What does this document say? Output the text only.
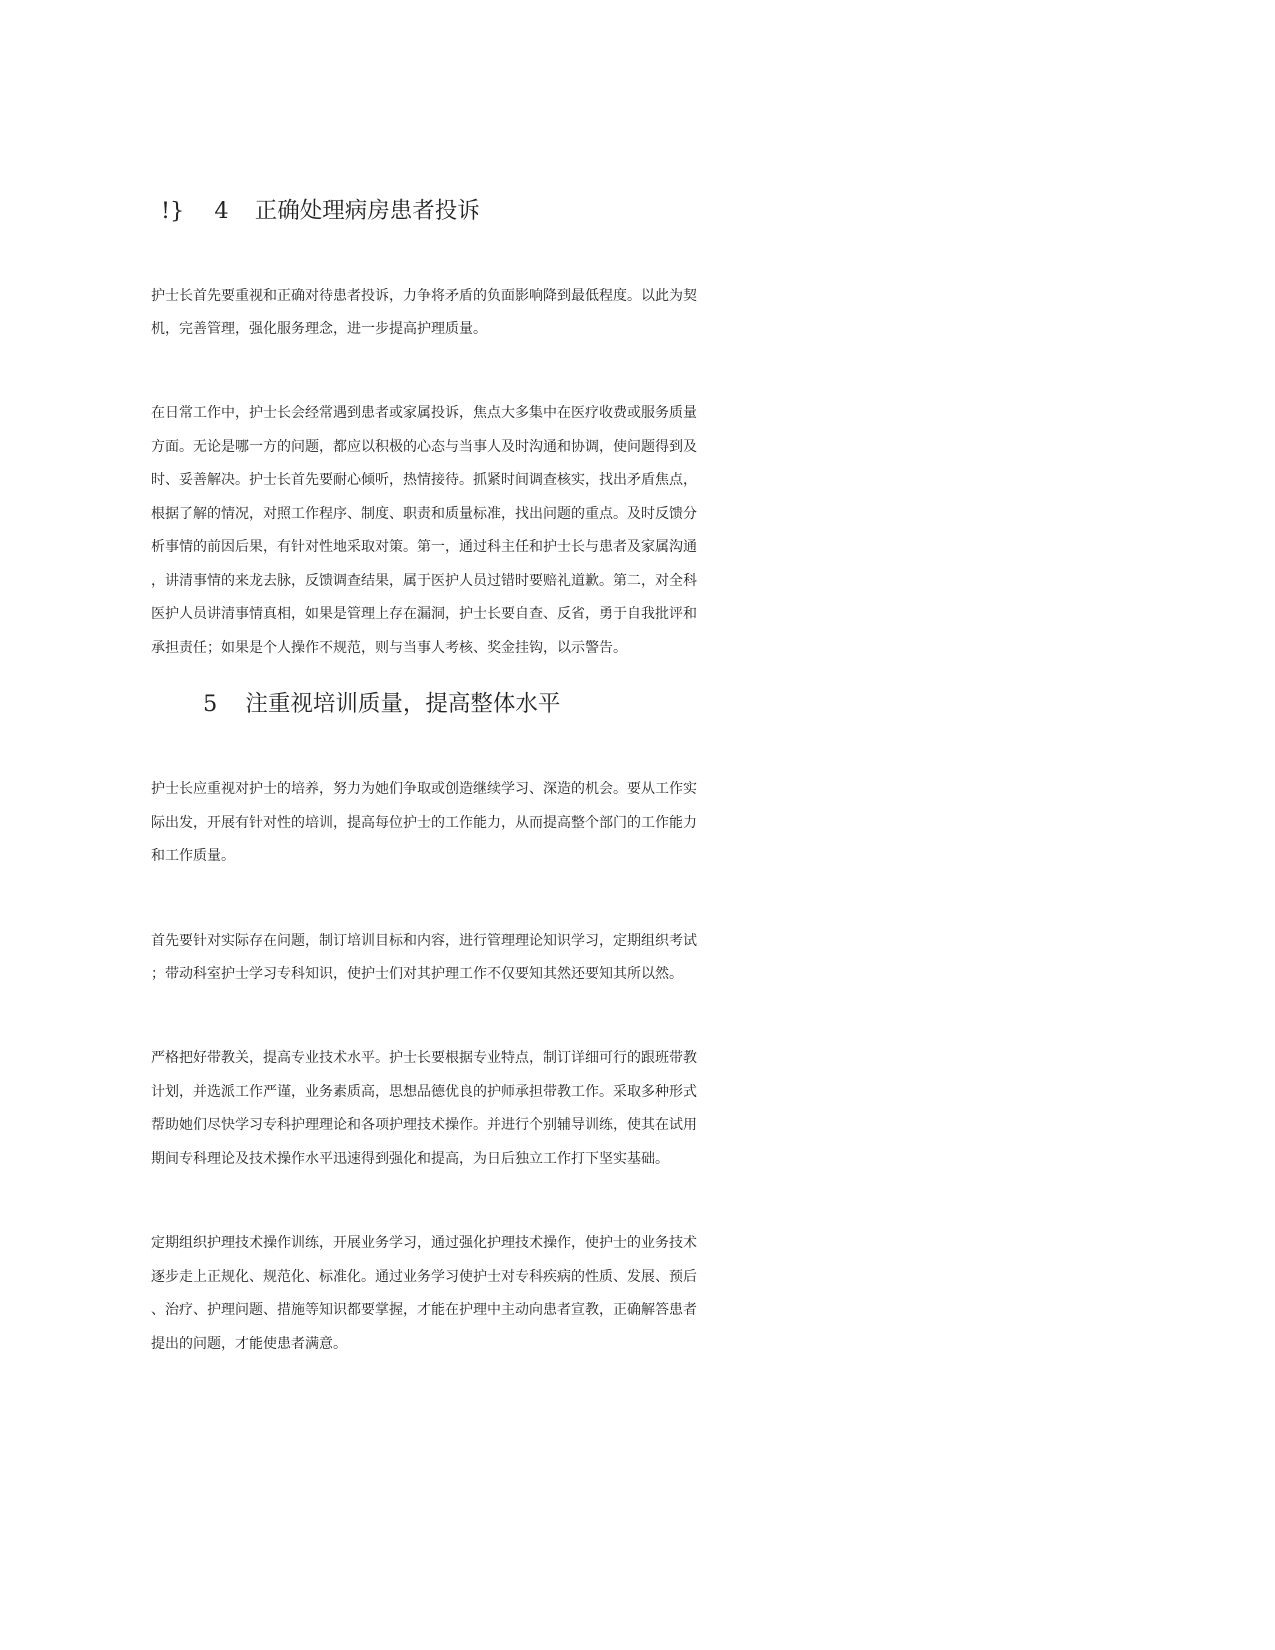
!} 4 正确处理病房患者投诉
护士长首先要重视和正确对待患者投诉，力争将矛盾的负面影响降到最低程度。以此为契
机，完善管理，强化服务理念，进一步提高护理质量。
在日常工作中，护士长会经常遇到患者或家属投诉，焦点大多集中在医疗收费或服务质量
方面。无论是哪一方的问题，都应以积极的心态与当事人及时沟通和协调，使问题得到及
时、妥善解决。护士长首先要耐心倾听，热情接待。抓紧时间调查核实，找出矛盾焦点，
根据了解的情况，对照工作程序、制度、职责和质量标准，找出问题的重点。及时反馈分
析事情的前因后果，有针对性地采取对策。第一，通过科主任和护士长与患者及家属沟通
，讲清事情的来龙去脉，反馈调查结果，属于医护人员过错时要赔礼道歉。第二，对全科
医护人员讲清事情真相，如果是管理上存在漏洞，护士长要自查、反省，勇于自我批评和
承担责任；如果是个人操作不规范，则与当事人考核、奖金挂钩，以示警告。
5 注重视培训质量，提高整体水平
护士长应重视对护士的培养，努力为她们争取或创造继续学习、深造的机会。要从工作实
际出发，开展有针对性的培训，提高每位护士的工作能力，从而提高整个部门的工作能力
和工作质量。
首先要针对实际存在问题，制订培训目标和内容，进行管理理论知识学习，定期组织考试
；带动科室护士学习专科知识，使护士们对其护理工作不仅要知其然还要知其所以然。
严格把好带教关，提高专业技术水平。护士长要根据专业特点，制订详细可行的跟班带教
计划，并选派工作严谨，业务素质高，思想品德优良的护师承担带教工作。采取多种形式
帮助她们尽快学习专科护理理论和各项护理技术操作。并进行个别辅导训练，使其在试用
期间专科理论及技术操作水平迅速得到强化和提高，为日后独立工作打下坚实基础。
定期组织护理技术操作训练，开展业务学习，通过强化护理技术操作，使护士的业务技术
逐步走上正规化、规范化、标准化。通过业务学习使护士对专科疾病的性质、发展、预后
、治疗、护理问题、措施等知识都要掌握，才能在护理中主动向患者宣教，正确解答患者
提出的问题，才能使患者满意。
